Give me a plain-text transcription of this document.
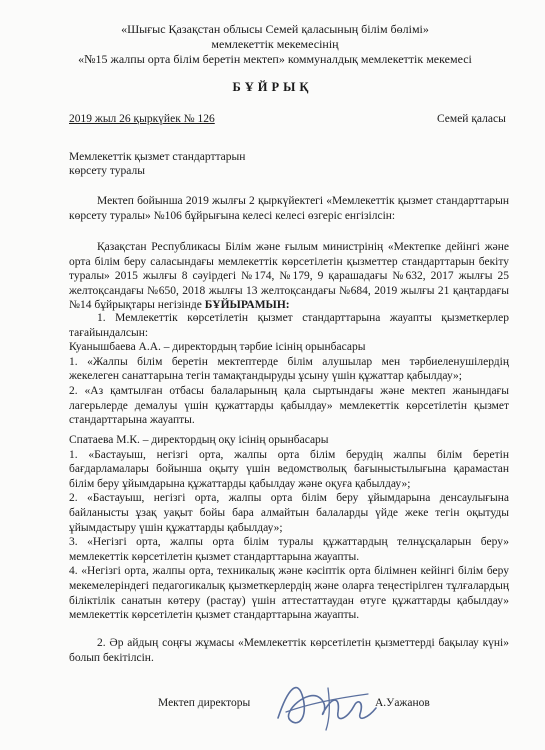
«Шығыс Қазақстан облысы Семей қаласының білім бөлімі»
мемлекеттік мекемесінің
«№15 жалпы орта білім беретін мектеп» коммуналдық мемлекеттік мекемесі
БҰЙРЫҚ
2019 жыл 26 қыркүйек № 126	Семей қаласы
Мемлекеттік қызмет стандарттарын
көрсету туралы

Мектеп бойынша 2019 жылғы 2 қыркүйектегі «Мемлекеттік қызмет стандарттарын көрсету туралы» №106 бұйрығына келесі келесі өзгеріс енгізілсін:

Қазақстан Республикасы Білім және ғылым министрінің «Мектепке дейінгі және орта білім беру саласындағы мемлекеттік көрсетілетін қызметтер стандарттарын бекіту туралы» 2015 жылғы 8 сәуірдегі №174, №179, 9 қарашадағы №632, 2017 жылғы 25 желтоқсандағы №650, 2018 жылғы 13 желтоқсандағы №684, 2019 жылғы 21 қаңтардағы №14 бұйрықтары негізінде БҰЙЫРАМЫН:

1. Мемлекеттік көрсетілетін қызмет стандарттарына жауапты қызметкерлер тағайындалсын:

Куанышбаева А.А. – директордың тәрбие ісінің орынбасары

1. «Жалпы білім беретін мектептерде білім алушылар мен тәрбиеленушілердің жекелеген санаттарына тегін тамақтандыруды ұсыну үшін құжаттар қабылдау»;

2. «Аз қамтылған отбасы балаларының қала сыртындағы және мектеп жанындағы лагерьлерде демалуы үшін құжаттарды қабылдау» мемлекеттік көрсетілетін қызмет стандарттарына жауапты.

Спатаева М.К. – директордың оқу ісінің орынбасары

1. «Бастауыш, негізгі орта, жалпы орта білім берудің жалпы білім беретін бағдарламалары бойынша оқыту үшін ведомстволық бағыныстылығына қарамастан білім беру ұйымдарына құжаттарды қабылдау және оқуға қабылдау»;

2. «Бастауыш, негізгі орта, жалпы орта білім беру ұйымдарына денсаулығына байланысты ұзақ уақыт бойы бара алмайтын балаларды үйде жеке тегін оқытуды ұйымдастыру үшін құжаттарды қабылдау»;

3. «Негізгі орта, жалпы орта білім туралы құжаттардың телнұсқаларын беру» мемлекеттік көрсетілетін қызмет стандарттарына жауапты.

4. «Негізгі орта, жалпы орта, техникалық және кәсіптік орта білімнен кейінгі білім беру мекемелеріндегі педагогикалық қызметкерлердің және оларға теңестірілген тұлғалардың біліктілік санатын көтеру (растау) үшін аттестаттаудан өтуге құжаттарды қабылдау» мемлекеттік көрсетілетін қызмет стандарттарына жауапты.

2. Әр айдың соңғы жұмасы «Мемлекеттік көрсетілетін қызметтерді бақылау күні» болып бекітілсін.

Мектеп директоры	А.Уажанов
